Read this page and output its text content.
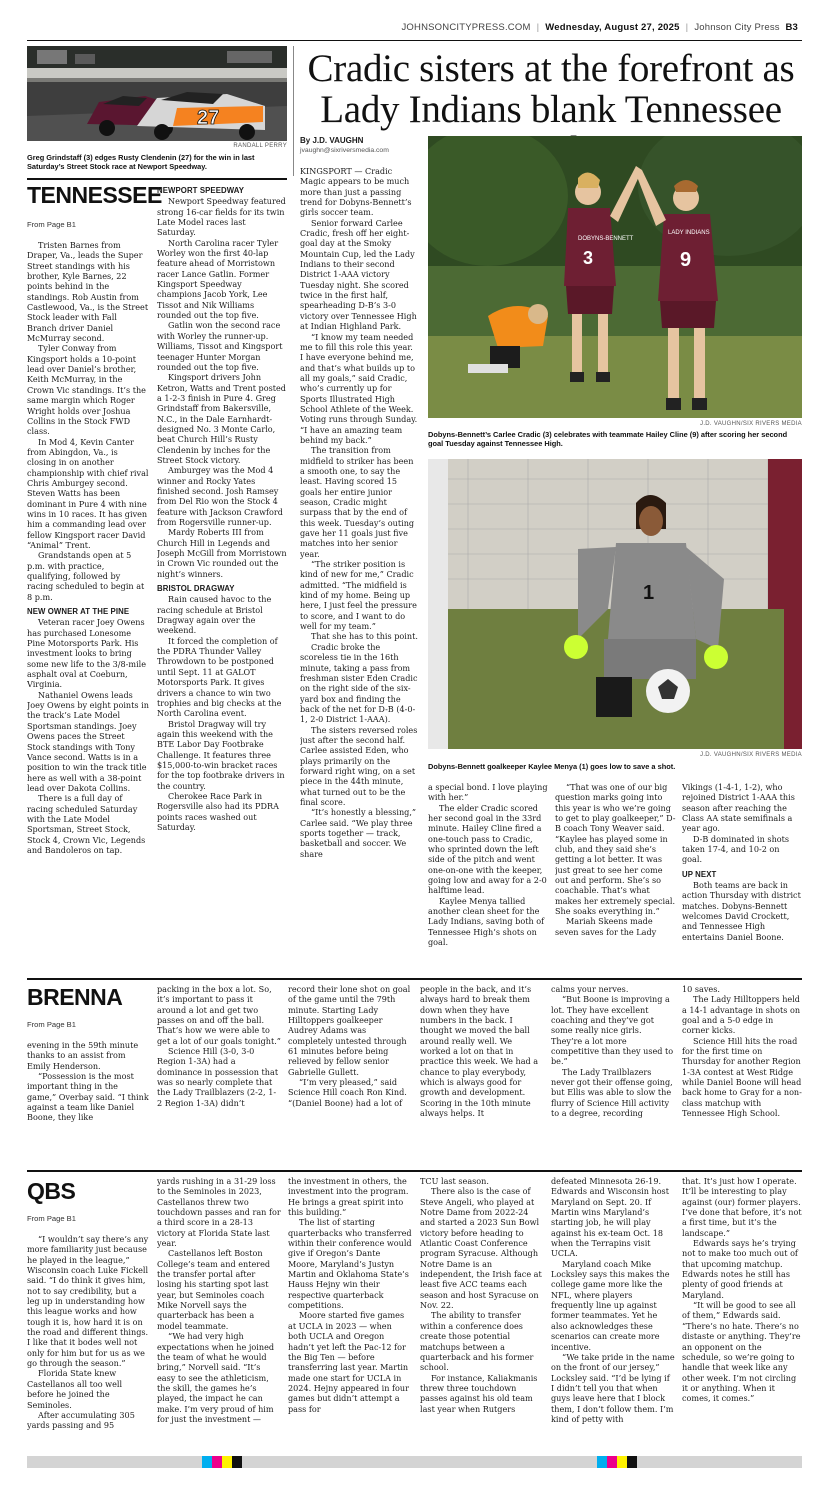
JOHNSONCITYPRESS.COM | Wednesday, August 27, 2025 | Johnson City Press B3
27
RANDALL PERRY
Greg Grindstaff (3) edges Rusty Clendenin (27) for the win in last Saturday’s Street Stock race at Newport Speedway.
Cradic sisters at the forefront as
Lady Indians blank Tennessee
By J.D. VAUGHN
jvaughn@sixriversmedia.com
DOBYNS-BENNETT
3
LADY INDIANS
9
J.D. VAUGHN/SIX RIVERS MEDIA
Dobyns-Bennett’s Carlee Cradic (3) celebrates with teammate Hailey Cline (9) after scoring her second goal Tuesday against Tennessee High.
1
J.D. VAUGHN/SIX RIVERS MEDIA
Dobyns-Bennett goalkeeper Kaylee Menya (1) goes low to save a shot.

KINGSPORT — Cradic Magic appears to be much more than just a passing trend for Dobyns-Bennett’s girls soccer team.

Senior forward Carlee Cradic, fresh off her eight-goal day at the Smoky Mountain Cup, led the Lady Indians to their second District 1-AAA victory Tuesday night. She scored twice in the first half, spearheading D-B’s 3-0 victory over Tennessee High at Indian Highland Park.

“I know my team needed me to fill this role this year. I have everyone behind me, and that’s what builds up to all my goals,” said Cradic, who’s currently up for Sports Illustrated High School Athlete of the Week. Voting runs through Sunday. “I have an amazing team behind my back.”

The transition from midfield to striker has been a smooth one, to say the least. Having scored 15 goals her entire junior season, Cradic might surpass that by the end of this week. Tuesday’s outing gave her 11 goals just five matches into her senior year.

“The striker position is kind of new for me,” Cradic admitted. “The midfield is kind of my home. Being up here, I just feel the pressure to score, and I want to do well for my team.”

That she has to this point.

Cradic broke the scoreless tie in the 16th minute, taking a pass from freshman sister Eden Cradic on the right side of the six-yard box and finding the back of the net for D-B (4-0-1, 2-0 District 1-AAA).

The sisters reversed roles just after the second half. Carlee assisted Eden, who plays primarily on the forward right wing, on a set piece in the 44th minute, what turned out to be the final score.

“It’s honestly a blessing,” Carlee said. “We play three sports together — track, basketball and soccer. We share

a special bond. I love playing with her.”

The elder Cradic scored her second goal in the 33rd minute. Hailey Cline fired a one-touch pass to Cradic, who sprinted down the left side of the pitch and went one-on-one with the keeper, going low and away for a 2-0 halftime lead.

Kaylee Menya tallied another clean sheet for the Lady Indians, saving both of Tennessee High’s shots on goal.

“That was one of our big question marks going into this year is who we’re going to get to play goalkeeper,” D-B coach Tony Weaver said. “Kaylee has played some in club, and they said she’s getting a lot better. It was just great to see her come out and perform. She’s so coachable. That’s what makes her extremely special. She soaks everything in.”

Mariah Skeens made seven saves for the Lady

Vikings (1-4-1, 1-2), who rejoined District 1-AAA this season after reaching the Class AA state semifinals a year ago.

D-B dominated in shots taken 17-4, and 10-2 on goal.

UP NEXT

Both teams are back in action Thursday with district matches. Dobyns-Bennett welcomes David Crockett, and Tennessee High entertains Daniel Boone.

TENNESSEE
From Page B1

Tristen Barnes from Draper, Va., leads the Super Street standings with his brother, Kyle Barnes, 22 points behind in the standings. Rob Austin from Castlewood, Va., is the Street Stock leader with Fall Branch driver Daniel McMurray second.

Tyler Conway from Kingsport holds a 10-point lead over Daniel’s brother, Keith McMurray, in the Crown Vic standings. It’s the same margin which Roger Wright holds over Joshua Collins in the Stock FWD class.

In Mod 4, Kevin Canter from Abingdon, Va., is closing in on another championship with chief rival Chris Amburgey second. Steven Watts has been dominant in Pure 4 with nine wins in 10 races. It has given him a commanding lead over fellow Kingsport racer David “Animal” Trent.

Grandstands open at 5 p.m. with practice, qualifying, followed by racing scheduled to begin at 8 p.m.

NEW OWNER AT THE PINE

Veteran racer Joey Owens has purchased Lonesome Pine Motorsports Park. His investment looks to bring some new life to the 3/8-mile asphalt oval at Coeburn, Virginia.

Nathaniel Owens leads Joey Owens by eight points in the track’s Late Model Sportsman standings. Joey Owens paces the Street Stock standings with Tony Vance second. Watts is in a position to win the track title here as well with a 38-point lead over Dakota Collins.

There is a full day of racing scheduled Saturday with the Late Model Sportsman, Street Stock, Stock 4, Crown Vic, Legends and Bandoleros on tap.

NEWPORT SPEEDWAY

Newport Speedway featured strong 16-car fields for its twin Late Model races last Saturday.

North Carolina racer Tyler Worley won the first 40-lap feature ahead of Morristown racer Lance Gatlin. Former Kingsport Speedway champions Jacob York, Lee Tissot and Nik Williams rounded out the top five.

Gatlin won the second race with Worley the runner-up. Williams, Tissot and Kingsport teenager Hunter Morgan rounded out the top five.

Kingsport drivers John Ketron, Watts and Trent posted a 1-2-3 finish in Pure 4. Greg Grindstaff from Bakersville, N.C., in the Dale Earnhardt-designed No. 3 Monte Carlo, beat Church Hill’s Rusty Clendenin by inches for the Street Stock victory.

Amburgey was the Mod 4 winner and Rocky Yates finished second. Josh Ramsey from Del Rio won the Stock 4 feature with Jackson Crawford from Rogersville runner-up.

Mardy Roberts III from Church Hill in Legends and Joseph McGill from Morristown in Crown Vic rounded out the night’s winners.

BRISTOL DRAGWAY

Rain caused havoc to the racing schedule at Bristol Dragway again over the weekend.

It forced the completion of the PDRA Thunder Valley Throwdown to be postponed until Sept. 11 at GALOT Motorsports Park. It gives drivers a chance to win two trophies and big checks at the North Carolina event.

Bristol Dragway will try again this weekend with the BTE Labor Day Footbrake Challenge. It features three $15,000-to-win bracket races for the top footbrake drivers in the country.

Cherokee Race Park in Rogersville also had its PDRA points races washed out Saturday.

BRENNA
From Page B1

evening in the 59th minute thanks to an assist from Emily Henderson.

“Possession is the most important thing in the game,” Overbay said. “I think against a team like Daniel Boone, they like

packing in the box a lot. So, it’s important to pass it around a lot and get two passes on and off the ball. That’s how we were able to get a lot of our goals tonight.”

Science Hill (3-0, 3-0 Region 1-3A) had a dominance in possession that was so nearly complete that the Lady Trailblazers (2-2, 1-2 Region 1-3A) didn’t

record their lone shot on goal of the game until the 79th minute. Starting Lady Hilltoppers goalkeeper Audrey Adams was completely untested through 61 minutes before being relieved by fellow senior Gabrielle Gullett.

“I’m very pleased,” said Science Hill coach Ron Kind. “(Daniel Boone) had a lot of

people in the back, and it’s always hard to break them down when they have numbers in the back. I thought we moved the ball around really well. We worked a lot on that in practice this week. We had a chance to play everybody, which is always good for growth and development. Scoring in the 10th minute always helps. It

calms your nerves.

“But Boone is improving a lot. They have excellent coaching and they’ve got some really nice girls. They’re a lot more competitive than they used to be.”

The Lady Trailblazers never got their offense going, but Ellis was able to slow the flurry of Science Hill activity to a degree, recording

10 saves.

The Lady Hilltoppers held a 14-1 advantage in shots on goal and a 5-0 edge in corner kicks.

Science Hill hits the road for the first time on Thursday for another Region 1-3A contest at West Ridge while Daniel Boone will head back home to Gray for a non-class matchup with Tennessee High School.

QBS
From Page B1

“I wouldn’t say there’s any more familiarity just because he played in the league,” Wisconsin coach Luke Fickell said. “I do think it gives him, not to say credibility, but a leg up in understanding how this league works and how tough it is, how hard it is on the road and different things. I like that it bodes well not only for him but for us as we go through the season.”

Florida State knew Castellanos all too well before he joined the Seminoles.

After accumulating 305 yards passing and 95

yards rushing in a 31-29 loss to the Seminoles in 2023, Castellanos threw two touchdown passes and ran for a third score in a 28-13 victory at Florida State last year.

Castellanos left Boston College’s team and entered the transfer portal after losing his starting spot last year, but Seminoles coach Mike Norvell says the quarterback has been a model teammate.

“We had very high expectations when he joined the team of what he would bring,” Norvell said. “It’s easy to see the athleticism, the skill, the games he’s played, the impact he can make. I’m very proud of him for just the investment —

the investment in others, the investment into the program. He brings a great spirit into this building.”

The list of starting quarterbacks who transferred within their conference would give if Oregon’s Dante Moore, Maryland’s Justyn Martin and Oklahoma State’s Hauss Hejny win their respective quarterback competitions.

Moore started five games at UCLA in 2023 — when both UCLA and Oregon hadn’t yet left the Pac-12 for the Big Ten — before transferring last year. Martin made one start for UCLA in 2024. Hejny appeared in four games but didn’t attempt a pass for

TCU last season.

There also is the case of Steve Angeli, who played at Notre Dame from 2022-24 and started a 2023 Sun Bowl victory before heading to Atlantic Coast Conference program Syracuse. Although Notre Dame is an independent, the Irish face at least five ACC teams each season and host Syracuse on Nov. 22.

The ability to transfer within a conference does create those potential matchups between a quarterback and his former school.

For instance, Kaliakmanis threw three touchdown passes against his old team last year when Rutgers

defeated Minnesota 26-19. Edwards and Wisconsin host Maryland on Sept. 20. If Martin wins Maryland’s starting job, he will play against his ex-team Oct. 18 when the Terrapins visit UCLA.

Maryland coach Mike Locksley says this makes the college game more like the NFL, where players frequently line up against former teammates. Yet he also acknowledges these scenarios can create more incentive.

“We take pride in the name on the front of our jersey,” Locksley said. “I’d be lying if I didn’t tell you that when guys leave here that I block them, I don’t follow them. I’m kind of petty with

that. It’s just how I operate. It’ll be interesting to play against (our) former players. I’ve done that before, it’s not a first time, but it’s the landscape.”

Edwards says he’s trying not to make too much out of that upcoming matchup. Edwards notes he still has plenty of good friends at Maryland.

“It will be good to see all of them,” Edwards said. “There’s no hate. There’s no distaste or anything. They’re an opponent on the schedule, so we’re going to handle that week like any other week. I’m not circling it or anything. When it comes, it comes.”
